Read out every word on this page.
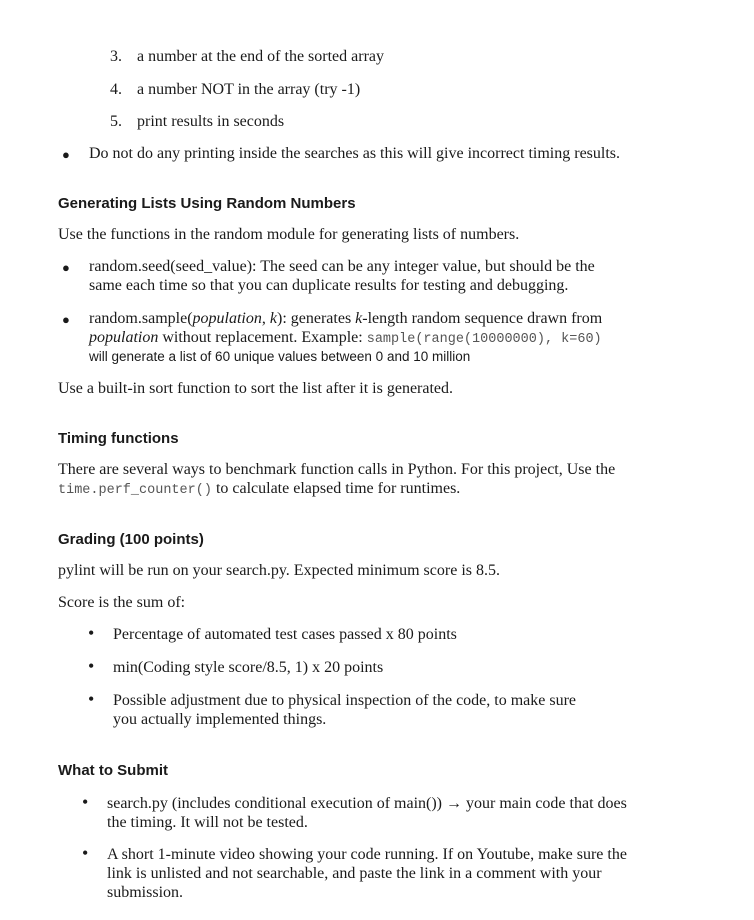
3. a number at the end of the sorted array
4. a number NOT in the array (try -1)
5. print results in seconds
● Do not do any printing inside the searches as this will give incorrect timing results.
Generating Lists Using Random Numbers
Use the functions in the random module for generating lists of numbers.
● random.seed(seed_value): The seed can be any integer value, but should be the
same each time so that you can duplicate results for testing and debugging.
● random.sample(population, k): generates k-length random sequence drawn from
population without replacement. Example: sample(range(10000000), k=60)
will generate a list of 60 unique values between 0 and 10 million
Use a built-in sort function to sort the list after it is generated.
Timing functions
There are several ways to benchmark function calls in Python. For this project, Use the
time.perf_counter() to calculate elapsed time for runtimes.
Grading (100 points)
pylint will be run on your search.py. Expected minimum score is 8.5.
Score is the sum of:
• Percentage of automated test cases passed x 80 points
• min(Coding style score/8.5, 1) x 20 points
• Possible adjustment due to physical inspection of the code, to make sure
you actually implemented things.
What to Submit
• search.py (includes conditional execution of main()) → your main code that does
the timing. It will not be tested.
• A short 1-minute video showing your code running. If on Youtube, make sure the
link is unlisted and not searchable, and paste the link in a comment with your
submission.
